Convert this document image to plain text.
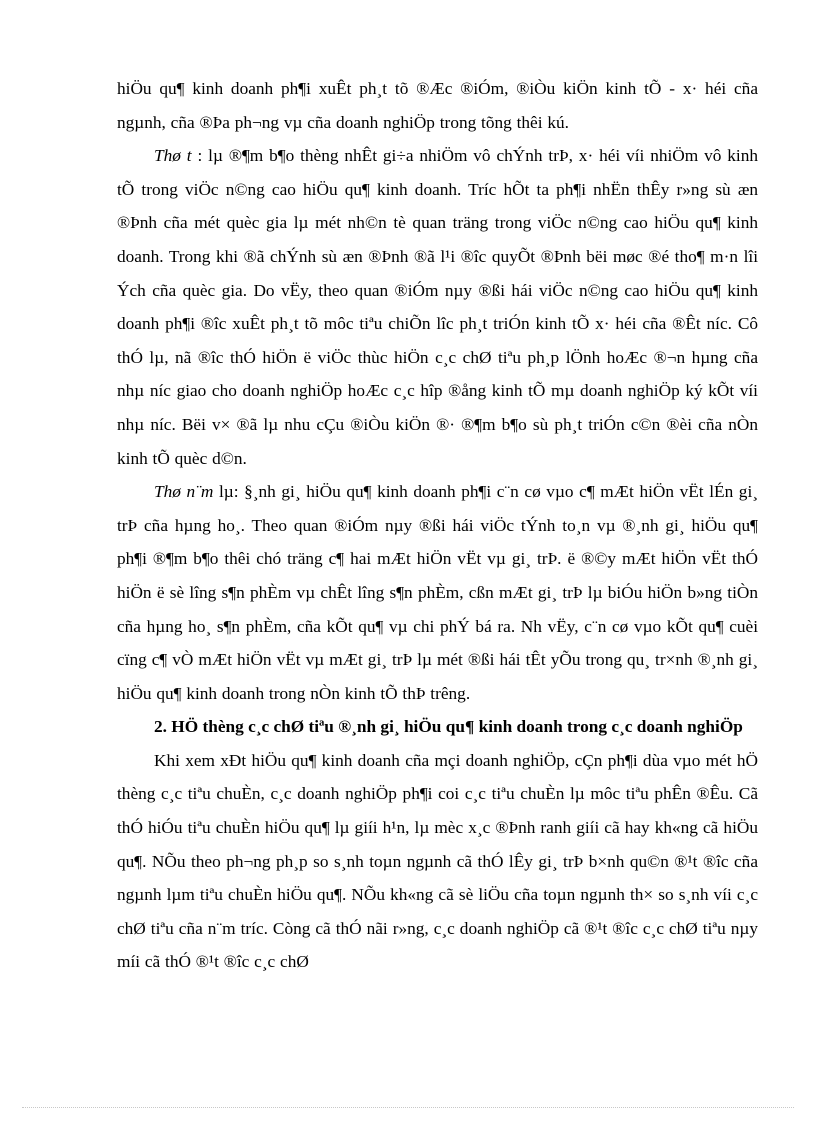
hiÖu qu¶ kinh doanh ph¶i xuÊt ph¸t tõ ®Æc ®iÓm, ®iÒu kiÖn kinh tÕ - x· héi cña ngµnh, cña ®Þa ph¬ng vµ cña doanh nghiÖp trong tõng thêi kú.

Thø t : lµ ®¶m b¶o thèng nhÊt gi÷a nhiÖm vô chÝnh trÞ, x· héi víi nhiÖm vô kinh tÕ trong viÖc n©ng cao hiÖu qu¶ kinh doanh. Tríc hÕt ta ph¶i nhËn thÊy r»ng sù æn ®Þnh cña mét quèc gia lµ mét nh©n tè quan träng trong viÖc n©ng cao hiÖu qu¶ kinh doanh. Trong khi ®ã chÝnh sù æn ®Þnh ®ã l¹i ®îc quyÕt ®Þnh bëi møc ®é tho¶ m·n lîi Ých cña quèc gia. Do vËy, theo quan ®iÓm nµy ®ßi hái viÖc n©ng cao hiÖu qu¶ kinh doanh ph¶i ®îc xuÊt ph¸t tõ môc tiªu chiÕn lîc ph¸t triÓn kinh tÕ x· héi cña ®Êt níc. Cô thÓ lµ, nã ®îc thÓ hiÖn ë viÖc thùc hiÖn c¸c chØ tiªu ph¸p lÖnh hoÆc ®¬n hµng cña nhµ níc giao cho doanh nghiÖp hoÆc c¸c hîp ®ång kinh tÕ mµ doanh nghiÖp ký kÕt víi nhµ níc. Bëi v× ®ã lµ nhu cÇu ®iÒu kiÖn ®· ®¶m b¶o sù ph¸t triÓn c©n ®èi cña nÒn kinh tÕ quèc d©n.

Thø n¨m lµ: §¸nh gi¸ hiÖu qu¶ kinh doanh ph¶i c¨n cø vµo c¶ mÆt hiÖn vËt lÉn gi¸ trÞ cña hµng ho¸. Theo quan ®iÓm nµy ®ßi hái viÖc tÝnh to¸n vµ ®¸nh gi¸ hiÖu qu¶ ph¶i ®¶m b¶o thêi chó träng c¶ hai mÆt hiÖn vËt vµ gi¸ trÞ. ë ®©y mÆt hiÖn vËt thÓ hiÖn ë sè lîng s¶n phÈm vµ chÊt lîng s¶n phÈm, cßn mÆt gi¸ trÞ lµ biÓu hiÖn b»ng tiÒn cña hµng ho¸ s¶n phÈm, cña kÕt qu¶ vµ chi phÝ bá ra. Nh vËy, c¨n cø vµo kÕt qu¶ cuèi cïng c¶ vÒ mÆt hiÖn vËt vµ mÆt gi¸ trÞ lµ mét ®ßi hái tÊt yÕu trong qu¸ tr×nh ®¸nh gi¸ hiÖu qu¶ kinh doanh trong nÒn kinh tÕ thÞ trêng.

2. HÖ thèng c¸c chØ tiªu ®¸nh gi¸ hiÖu qu¶ kinh doanh trong c¸c doanh nghiÖp

Khi xem xÐt hiÖu qu¶ kinh doanh cña mçi doanh nghiÖp, cÇn ph¶i dùa vµo mét hÖ thèng c¸c tiªu chuÈn, c¸c doanh nghiÖp ph¶i coi c¸c tiªu chuÈn lµ môc tiªu phÊn ®Êu. Cã thÓ hiÓu tiªu chuÈn hiÖu qu¶ lµ giíi h¹n, lµ mèc x¸c ®Þnh ranh giíi cã hay kh«ng cã hiÖu qu¶. NÕu theo ph¬ng ph¸p so s¸nh toµn ngµnh cã thÓ lÊy gi¸ trÞ b×nh qu©n ®¹t ®îc cña ngµnh lµm tiªu chuÈn hiÖu qu¶. NÕu kh«ng cã sè liÖu cña toµn ngµnh th× so s¸nh víi c¸c chØ tiªu cña n¨m tríc. Còng cã thÓ nãi r»ng, c¸c doanh nghiÖp cã ®¹t ®îc c¸c chØ tiªu nµy míi cã thÓ ®¹t ®îc c¸c chØ
